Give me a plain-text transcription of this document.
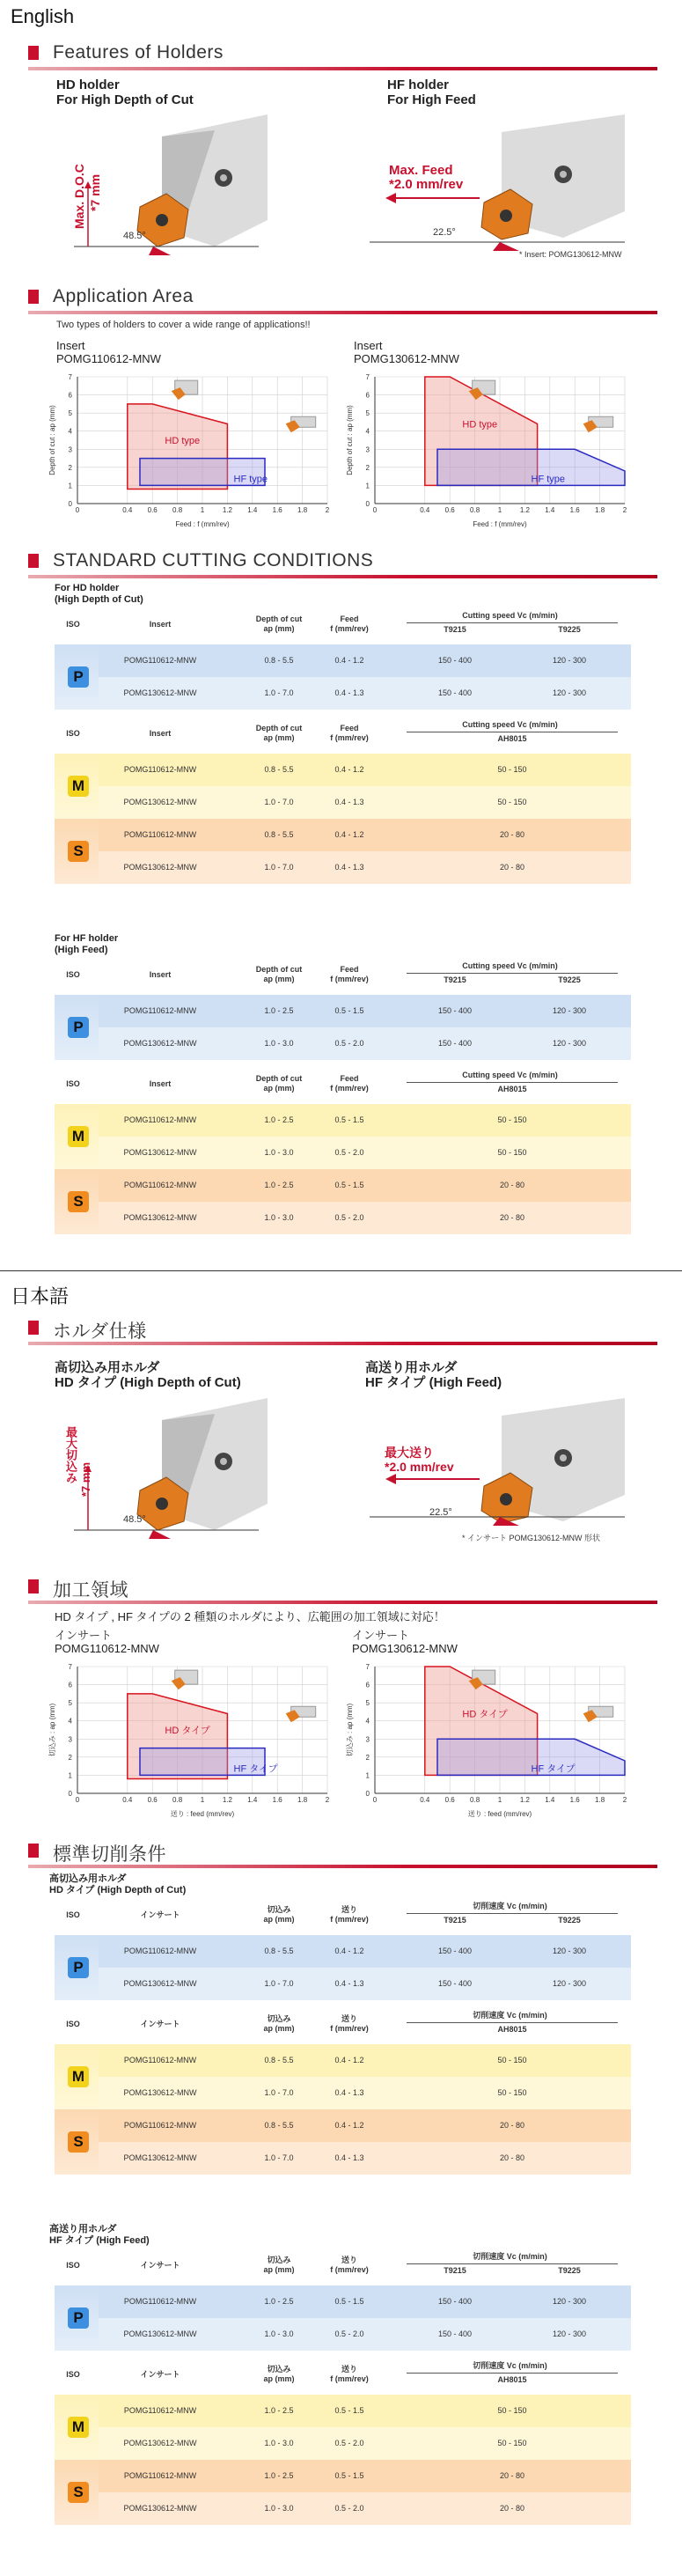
English
Features of Holders
HD holder
For High Depth of Cut
Max. D.O.C *7 mm
48.5°
HF holder
For High Feed
Max. Feed
*2.0 mm/rev
22.5°
* Insert: POMG130612-MNW
Application Area
Two types of holders to cover a wide range of applications!!
Insert
POMG110612-MNW
Insert
POMG130612-MNW
0
1
2
3
4
5
6
7
0	0.4 0.6 0.8	1	1.2 1.4 1.6 1.8	2
HD type
HF type
Feed : f (mm/rev)
Depth of cut : ap (mm)
0
1
2
3
4
5
6
7
0	0.4 0.6 0.8	1	1.2 1.4 1.6 1.8	2
HD type
HF type
Feed : f (mm/rev)
Depth of cut : ap (mm)
STANDARD CUTTING CONDITIONS
For HD holder
(High Depth of Cut)
ISO	Insert
Depth of cut
ap (mm)
Feed
f (mm/rev)
Cutting speed Vc (m/min)
T9215	T9225
POMG110612-MNW	0.8 - 5.5	0.4 - 1.2	150 - 400	120 - 300
POMG130612-MNW	1.0 - 7.0	0.4 - 1.3	150 - 400	120 - 300
P
ISO	Insert
Depth of cut
ap (mm)
Feed
f (mm/rev)
Cutting speed Vc (m/min)
AH8015
POMG110612-MNW	0.8 - 5.5	0.4 - 1.2	50 - 150
POMG130612-MNW	1.0 - 7.0	0.4 - 1.3	50 - 150
POMG110612-MNW	0.8 - 5.5	0.4 - 1.2	20 - 80
POMG130612-MNW	1.0 - 7.0	0.4 - 1.3	20 - 80
M
S
For HF holder
(High Feed)
ISO	Insert
Depth of cut
ap (mm)
Feed
f (mm/rev)
Cutting speed Vc (m/min)
T9215	T9225
POMG110612-MNW	1.0 - 2.5	0.5 - 1.5	150 - 400	120 - 300
POMG130612-MNW	1.0 - 3.0	0.5 - 2.0	150 - 400	120 - 300
P
ISO	Insert
Depth of cut
ap (mm)
Feed
f (mm/rev)
Cutting speed Vc (m/min)
AH8015
POMG110612-MNW	1.0 - 2.5	0.5 - 1.5	50 - 150
POMG130612-MNW	1.0 - 3.0	0.5 - 2.0	50 - 150
POMG110612-MNW	1.0 - 2.5	0.5 - 1.5	20 - 80
POMG130612-MNW	1.0 - 3.0	0.5 - 2.0	20 - 80
M
S
日本語
ホルダ仕様
高切込み用ホルダ
HD タイプ (High Depth of Cut)
最大切込み *7 mm
48.5°
高送り用ホルダ
HF タイプ (High Feed)
最大送り
*2.0 mm/rev
22.5°
* インサート POMG130612-MNW 形状
加工領域
HD タイプ , HF タイプの 2 種類のホルダにより、広範囲の加工領域に対応！
インサート
POMG110612-MNW
インサート
POMG130612-MNW
0
1
2
3
4
5
6
7
0	0.4 0.6 0.8	1	1.2 1.4 1.6 1.8	2
HD タイプ
HF タイプ
送り : feed (mm/rev)
切込み : ap (mm)
0
1
2
3
4
5
6
7
0	0.4 0.6 0.8	1	1.2 1.4 1.6 1.8	2
HD タイプ
HF タイプ
送り : feed (mm/rev)
切込み : ap (mm)
標準切削条件
高切込み用ホルダ
HD タイプ (High Depth of Cut)
ISO	インサート
切込み
ap (mm)
送り
f (mm/rev)
切削速度 Vc (m/min)
T9215	T9225
POMG110612-MNW	0.8 - 5.5	0.4 - 1.2	150 - 400	120 - 300
POMG130612-MNW	1.0 - 7.0	0.4 - 1.3	150 - 400	120 - 300
P
ISO	インサート
切込み
ap (mm)
送り
f (mm/rev)
切削速度 Vc (m/min)
AH8015
POMG110612-MNW	0.8 - 5.5	0.4 - 1.2	50 - 150
POMG130612-MNW	1.0 - 7.0	0.4 - 1.3	50 - 150
POMG110612-MNW	0.8 - 5.5	0.4 - 1.2	20 - 80
POMG130612-MNW	1.0 - 7.0	0.4 - 1.3	20 - 80
M
S
高送り用ホルダ
HF タイプ (High Feed)
ISO	インサート
切込み
ap (mm)
送り
f (mm/rev)
切削速度 Vc (m/min)
T9215	T9225
POMG110612-MNW	1.0 - 2.5	0.5 - 1.5	150 - 400	120 - 300
POMG130612-MNW	1.0 - 3.0	0.5 - 2.0	150 - 400	120 - 300
P
ISO	インサート
切込み
ap (mm)
送り
f (mm/rev)
切削速度 Vc (m/min)
AH8015
POMG110612-MNW	1.0 - 2.5	0.5 - 1.5	50 - 150
POMG130612-MNW	1.0 - 3.0	0.5 - 2.0	50 - 150
POMG110612-MNW	1.0 - 2.5	0.5 - 1.5	20 - 80
POMG130612-MNW	1.0 - 3.0	0.5 - 2.0	20 - 80
M
S
